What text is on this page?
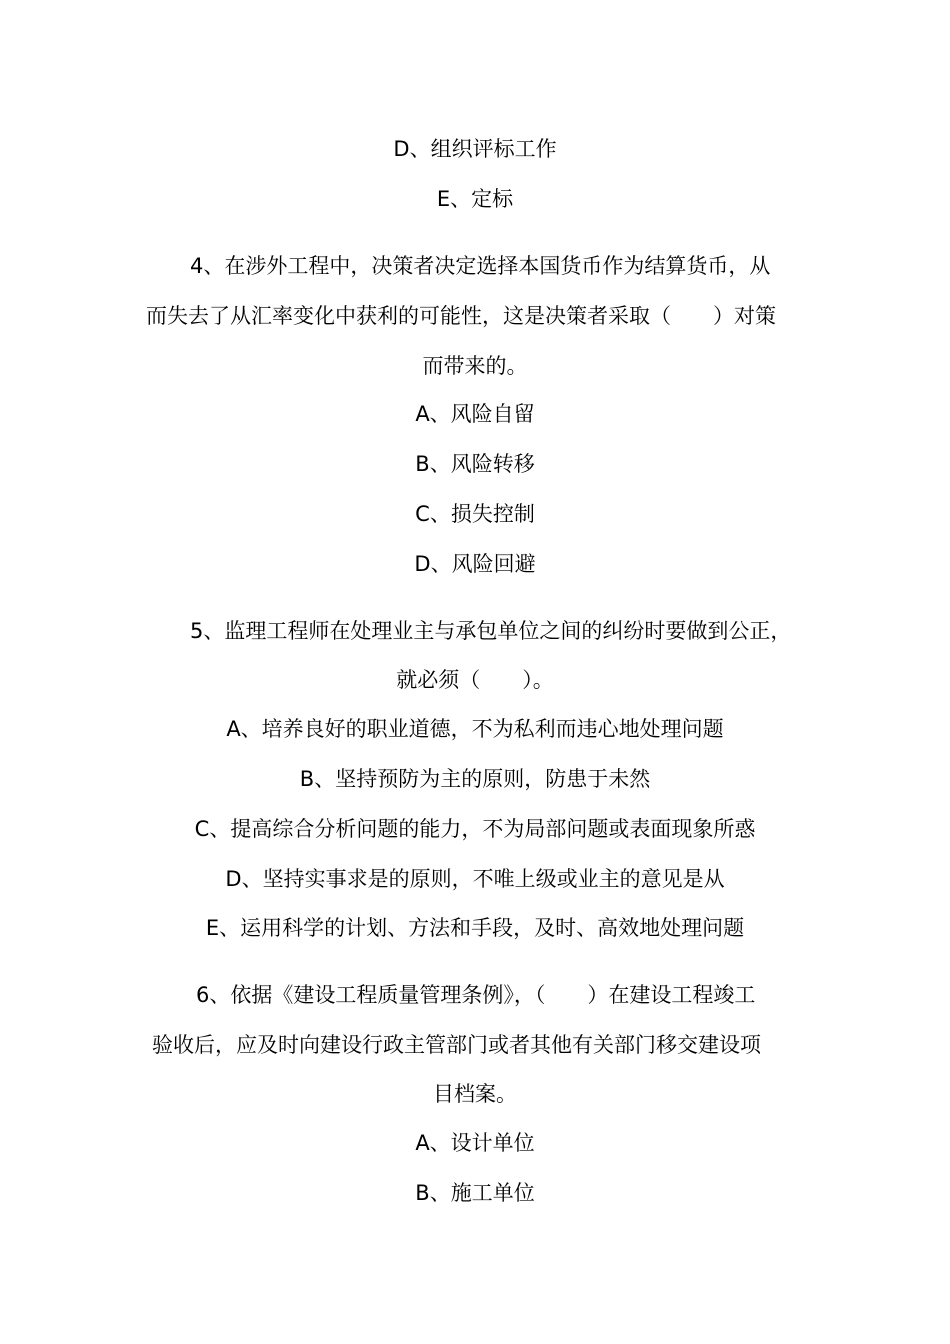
D、组织评标工作
E、定标
4、在涉外工程中，决策者决定选择本国货币作为结算货币，从
而失去了从汇率变化中获利的可能性，这是决策者采取（　　）对策
而带来的。
A、风险自留
B、风险转移
C、损失控制
D、风险回避
5、监理工程师在处理业主与承包单位之间的纠纷时要做到公正，
就必须（　　）。
A、培养良好的职业道德，不为私利而违心地处理问题
B、坚持预防为主的原则，防患于未然
C、提高综合分析问题的能力，不为局部问题或表面现象所惑
D、坚持实事求是的原则，不唯上级或业主的意见是从
E、运用科学的计划、方法和手段，及时、高效地处理问题
6、依据《建设工程质量管理条例》，（　　）在建设工程竣工
验收后，应及时向建设行政主管部门或者其他有关部门移交建设项
目档案。
A、设计单位
B、施工单位
